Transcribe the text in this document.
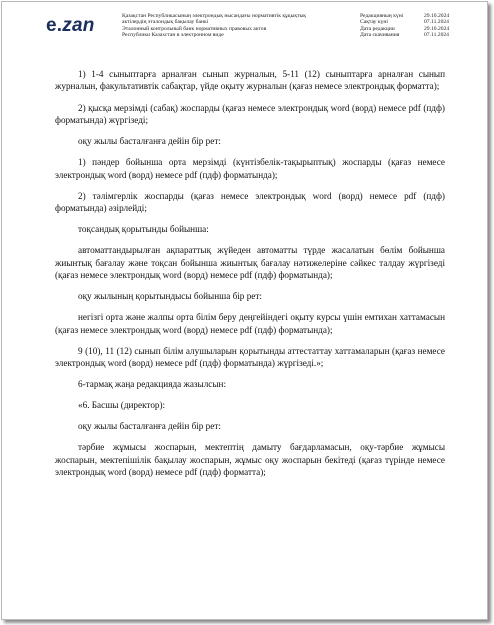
e.zan	Қазақстан Республикасының электрондық нысандағы нормативтік құқықтық
актілердің эталондық бақылау банкі
Эталонный контрольный банк нормативных правовых актов
Республики Казахстан в электронном виде
Редакцияның күні	29.10.2024
Сақтау күні	07.11.2024
Дата редакции	29.10.2024
Дата скачивания	07.11.2024

1) 1-4 сыныптарға арналған сынып журналын, 5-11 (12) сыныптарға арналған сынып журналын, факультативтік сабақтар, үйде оқыту журналын (қағаз немесе электрондық форматта);

2) қысқа мерзімді (сабақ) жоспарды (қағаз немесе электрондық word (ворд) немесе pdf (пдф) форматында) жүргізеді;

оқу жылы басталғанға дейін бір рет:

1) пәндер бойынша орта мерзімді (күнтізбелік-тақырыптық) жоспарды (қағаз немесе электрондық word (ворд) немесе pdf (пдф) форматында);

2) тәлімгерлік жоспарды (қағаз немесе электрондық word (ворд) немесе pdf (пдф) форматында) әзірлейді;

тоқсандық қорытынды бойынша:

автоматтандырылған ақпараттық жүйеден автоматты түрде жасалатын бөлім бойынша жиынтық бағалау және тоқсан бойынша жиынтық бағалау нәтижелеріне сәйкес талдау жүргізеді (қағаз немесе электрондық word (ворд) немесе pdf (пдф) форматында);

оқу жылының қорытындысы бойынша бір рет:

негізгі орта және жалпы орта білім беру деңгейіндегі оқыту курсы үшін емтихан хаттамасын (қағаз немесе электрондық word (ворд) немесе pdf (пдф) форматында);

9 (10), 11 (12) сынып білім алушыларын қорытынды аттестаттау хаттамаларын (қағаз немесе электрондық word (ворд) немесе pdf (пдф) форматында) жүргізеді.»;

6-тармақ жаңа редакцияда жазылсын:

«6. Басшы (директор):

оқу жылы басталғанға дейін бір рет:

тәрбие жұмысы жоспарын, мектептің дамыту бағдарламасын, оқу-тәрбие жұмысы жоспарын, мектепішілік бақылау жоспарын, жұмыс оқу жоспарын бекітеді (қағаз түрінде немесе электрондық word (ворд) немесе pdf (пдф) форматта);
